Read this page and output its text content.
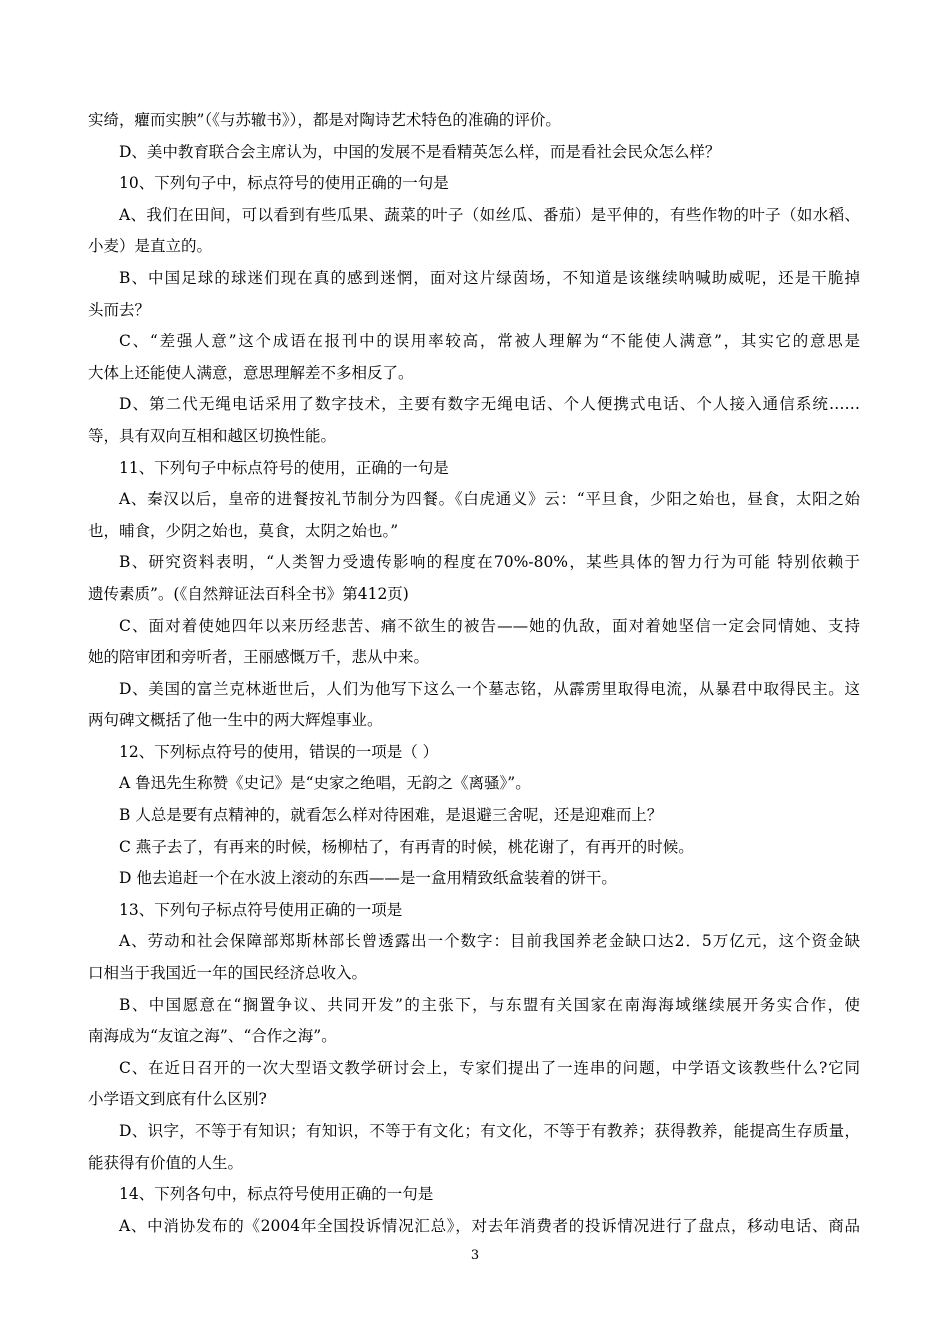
实绮，癯而实腴”（《与苏辙书》），都是对陶诗艺术特色的准确的评价。
D、美中教育联合会主席认为，中国的发展不是看精英怎么样，而是看社会民众怎么样？
10、下列句子中，标点符号的使用正确的一句是
A、我们在田间，可以看到有些瓜果、蔬菜的叶子（如丝瓜、番茄）是平伸的，有些作物的叶子（如水稻、
小麦）是直立的。
B、中国足球的球迷们现在真的感到迷惘，面对这片绿茵场，不知道是该继续呐喊助威呢，还是干脆掉
头而去？
C、“差强人意”这个成语在报刊中的误用率较高，常被人理解为“不能使人满意”，其实它的意思是
大体上还能使人满意，意思理解差不多相反了。
D、第二代无绳电话采用了数字技术，主要有数字无绳电话、个人便携式电话、个人接入通信系统……
等，具有双向互相和越区切换性能。
11、下列句子中标点符号的使用，正确的一句是
A、秦汉以后，皇帝的进餐按礼节制分为四餐。《白虎通义》云：“平旦食，少阳之始也，昼食，太阳之始
也，晡食，少阴之始也，莫食，太阴之始也。”
B、研究资料表明，“人类智力受遗传影响的程度在70%-80%，某些具体的智力行为可能 特别依赖于
遗传素质”。(《自然辩证法百科全书》第412页)
C、面对着使她四年以来历经悲苦、痛不欲生的被告——她的仇敌，面对着她坚信一定会同情她、支持
她的陪审团和旁听者，王丽感慨万千，悲从中来。
D、美国的富兰克林逝世后，人们为他写下这么一个墓志铭，从霹雳里取得电流，从暴君中取得民主。这
两句碑文概括了他一生中的两大辉煌事业。
12、下列标点符号的使用，错误的一项是（ ）
A 鲁迅先生称赞《史记》是“史家之绝唱，无韵之《离骚》”。
B 人总是要有点精神的，就看怎么样对待困难，是退避三舍呢，还是迎难而上？
C 燕子去了，有再来的时候，杨柳枯了，有再青的时候，桃花谢了，有再开的时候。
D 他去追赶一个在水波上滚动的东西——是一盒用精致纸盒装着的饼干。
13、下列句子标点符号使用正确的一项是
A、劳动和社会保障部郑斯林部长曾透露出一个数字：目前我国养老金缺口达2．5万亿元，这个资金缺
口相当于我国近一年的国民经济总收入。
B、中国愿意在“搁置争议、共同开发”的主张下，与东盟有关国家在南海海域继续展开务实合作，使
南海成为“友谊之海”、“合作之海”。
C、在近日召开的一次大型语文教学研讨会上，专家们提出了一连串的问题，中学语文该教些什么?它同
小学语文到底有什么区别?
D、识字，不等于有知识；有知识，不等于有文化；有文化，不等于有教养；获得教养，能提高生存质量，
能获得有价值的人生。
14、下列各句中，标点符号使用正确的一句是
A、中消协发布的《2004年全国投诉情况汇总》，对去年消费者的投诉情况进行了盘点，移动电话、商品
3
